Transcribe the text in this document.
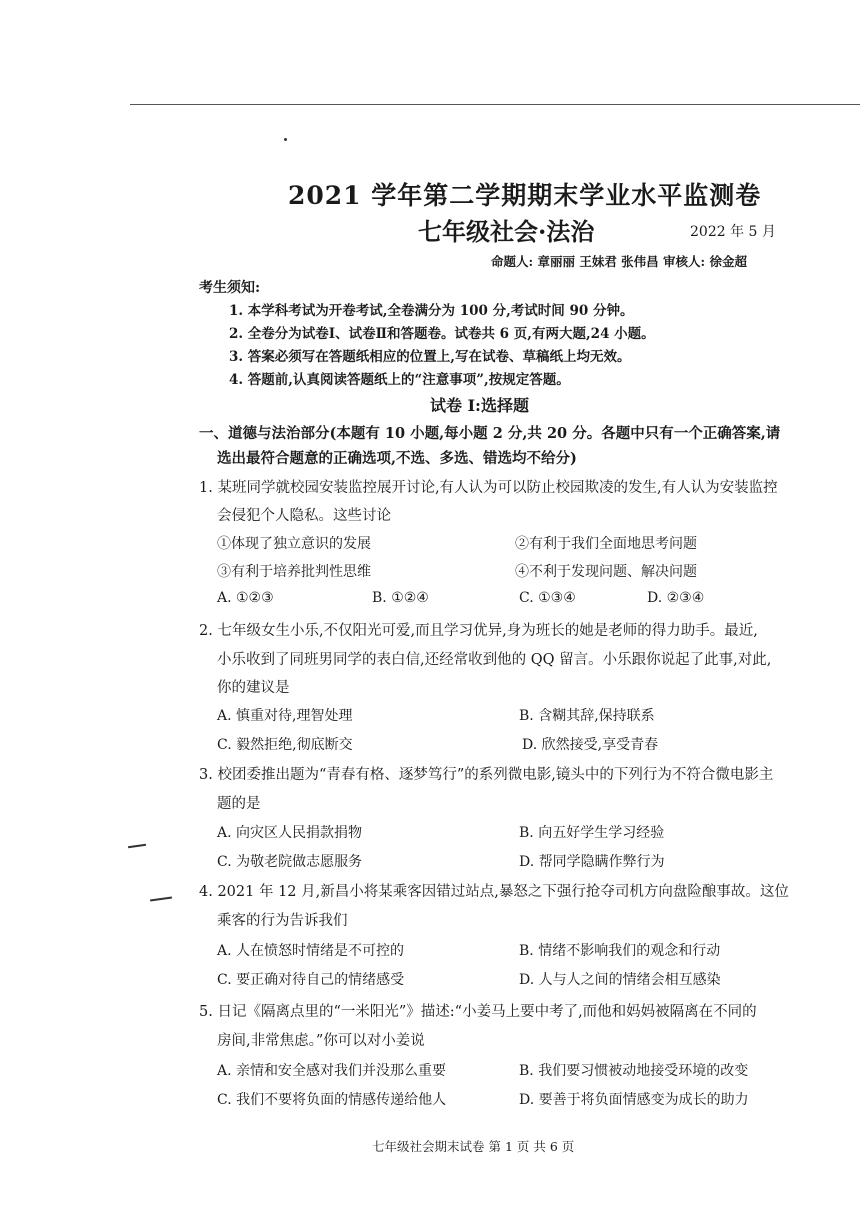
2021 学年第二学期期末学业水平监测卷
七年级社会·法治	2022 年 5 月
命题人: 章丽丽 王妹君 张伟昌 审核人: 徐金超
考生须知:
1. 本学科考试为开卷考试,全卷满分为 100 分,考试时间 90 分钟。
2. 全卷分为试卷Ⅰ、试卷Ⅱ和答题卷。试卷共 6 页,有两大题,24 小题。
3. 答案必须写在答题纸相应的位置上,写在试卷、草稿纸上均无效。
4. 答题前,认真阅读答题纸上的“注意事项”,按规定答题。
试卷 I:选择题
一、道德与法治部分(本题有 10 小题,每小题 2 分,共 20 分。各题中只有一个正确答案,请
选出最符合题意的正确选项,不选、多选、错选均不给分)
1. 某班同学就校园安装监控展开讨论,有人认为可以防止校园欺凌的发生,有人认为安装监控
会侵犯个人隐私。这些讨论
①体现了独立意识的发展	②有利于我们全面地思考问题
③有利于培养批判性思维	④不利于发现问题、解决问题
A. ①②③	B. ①②④	C. ①③④	D. ②③④
2. 七年级女生小乐,不仅阳光可爱,而且学习优异,身为班长的她是老师的得力助手。最近,
小乐收到了同班男同学的表白信,还经常收到他的 QQ 留言。小乐跟你说起了此事,对此,
你的建议是
A. 慎重对待,理智处理	B. 含糊其辞,保持联系
C. 毅然拒绝,彻底断交	D. 欣然接受,享受青春
3. 校团委推出题为“青春有格、逐梦笃行”的系列微电影,镜头中的下列行为不符合微电影主
题的是
A. 向灾区人民捐款捐物	B. 向五好学生学习经验
C. 为敬老院做志愿服务	D. 帮同学隐瞒作弊行为
4. 2021 年 12 月,新昌小将某乘客因错过站点,暴怒之下强行抢夺司机方向盘险酿事故。这位
乘客的行为告诉我们
A. 人在愤怒时情绪是不可控的	B. 情绪不影响我们的观念和行动
C. 要正确对待自己的情绪感受	D. 人与人之间的情绪会相互感染
5. 日记《隔离点里的“一米阳光”》描述:“小姜马上要中考了,而他和妈妈被隔离在不同的
房间,非常焦虑。”你可以对小姜说
A. 亲情和安全感对我们并没那么重要	B. 我们要习惯被动地接受环境的改变
C. 我们不要将负面的情感传递给他人	D. 要善于将负面情感变为成长的助力
七年级社会期末试卷 第 1 页 共 6 页
